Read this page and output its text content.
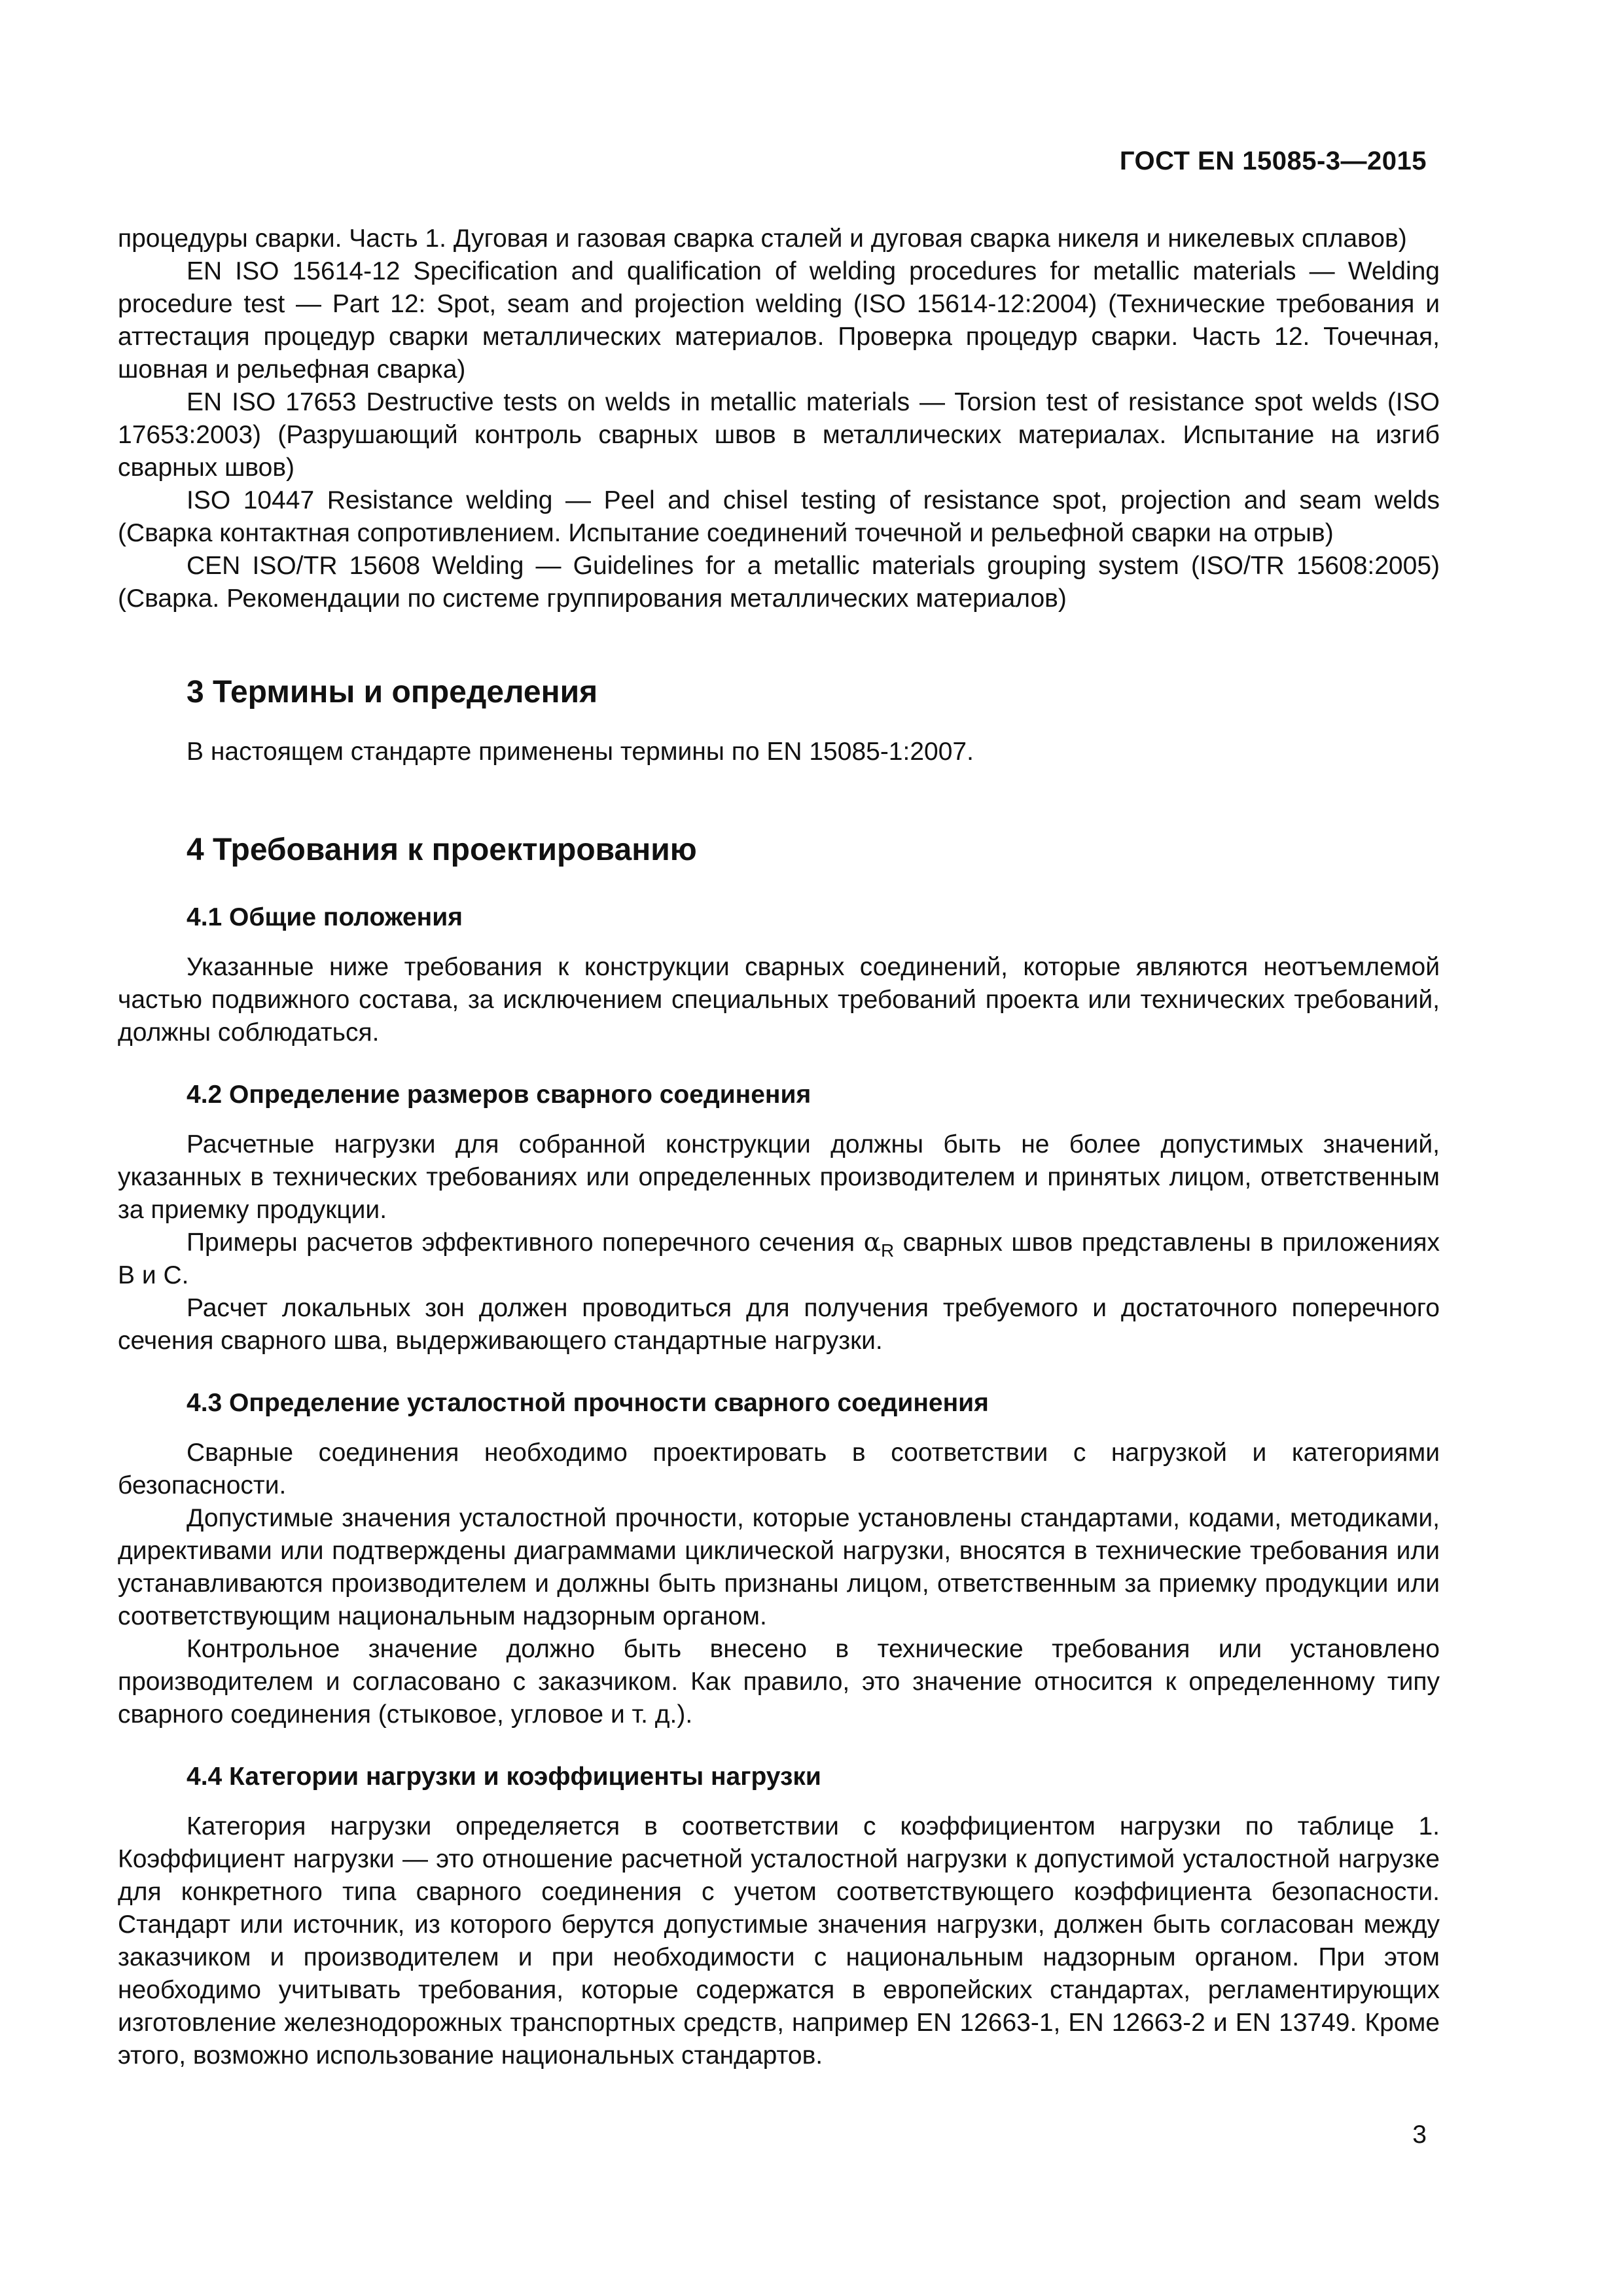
ГОСТ EN 15085-3—2015

процедуры сварки. Часть 1. Дуговая и газовая сварка сталей и дуговая сварка никеля и никелевых сплавов)

EN ISO 15614-12 Specification and qualification of welding procedures for metallic materials — Welding procedure test — Part 12: Spot, seam and projection welding (ISO 15614-12:2004) (Технические требования и аттестация процедур сварки металлических материалов. Проверка процедур сварки. Часть 12. Точечная, шовная и рельефная сварка)

EN ISO 17653 Destructive tests on welds in metallic materials — Torsion test of resistance spot welds (ISO 17653:2003) (Разрушающий контроль сварных швов в металлических материалах. Испытание на изгиб сварных швов)

ISO 10447 Resistance welding — Peel and chisel testing of resistance spot, projection and seam welds (Сварка контактная сопротивлением. Испытание соединений точечной и рельефной сварки на отрыв)

CEN ISO/TR 15608 Welding — Guidelines for a metallic materials grouping system (ISO/TR 15608:2005) (Сварка. Рекомендации по системе группирования металлических материалов)

3 Термины и определения

В настоящем стандарте применены термины по EN 15085-1:2007.

4 Требования к проектированию
4.1 Общие положения

Указанные ниже требования к конструкции сварных соединений, которые являются неотъемлемой частью подвижного состава, за исключением специальных требований проекта или технических требований, должны соблюдаться.

4.2 Определение размеров сварного соединения

Расчетные нагрузки для собранной конструкции должны быть не более допустимых значений, указанных в технических требованиях или определенных производителем и принятых лицом, ответственным за приемку продукции.

Примеры расчетов эффективного поперечного сечения $\alpha_R$ сварных швов представлены в приложениях B и C.

Расчет локальных зон должен проводиться для получения требуемого и достаточного поперечного сечения сварного шва, выдерживающего стандартные нагрузки.

4.3 Определение усталостной прочности сварного соединения

Сварные соединения необходимо проектировать в соответствии с нагрузкой и категориями безопасности.

Допустимые значения усталостной прочности, которые установлены стандартами, кодами, методиками, директивами или подтверждены диаграммами циклической нагрузки, вносятся в технические требования или устанавливаются производителем и должны быть признаны лицом, ответственным за приемку продукции или соответствующим национальным надзорным органом.

Контрольное значение должно быть внесено в технические требования или установлено производителем и согласовано с заказчиком. Как правило, это значение относится к определенному типу сварного соединения (стыковое, угловое и т. д.).

4.4 Категории нагрузки и коэффициенты нагрузки

Категория нагрузки определяется в соответствии с коэффициентом нагрузки по таблице 1. Коэффициент нагрузки — это отношение расчетной усталостной нагрузки к допустимой усталостной нагрузке для конкретного типа сварного соединения с учетом соответствующего коэффициента безопасности. Стандарт или источник, из которого берутся допустимые значения нагрузки, должен быть согласован между заказчиком и производителем и при необходимости с национальным надзорным органом. При этом необходимо учитывать требования, которые содержатся в европейских стандартах, регламентирующих изготовление железнодорожных транспортных средств, например EN 12663-1, EN 12663-2 и EN 13749. Кроме этого, возможно использование национальных стандартов.

3
